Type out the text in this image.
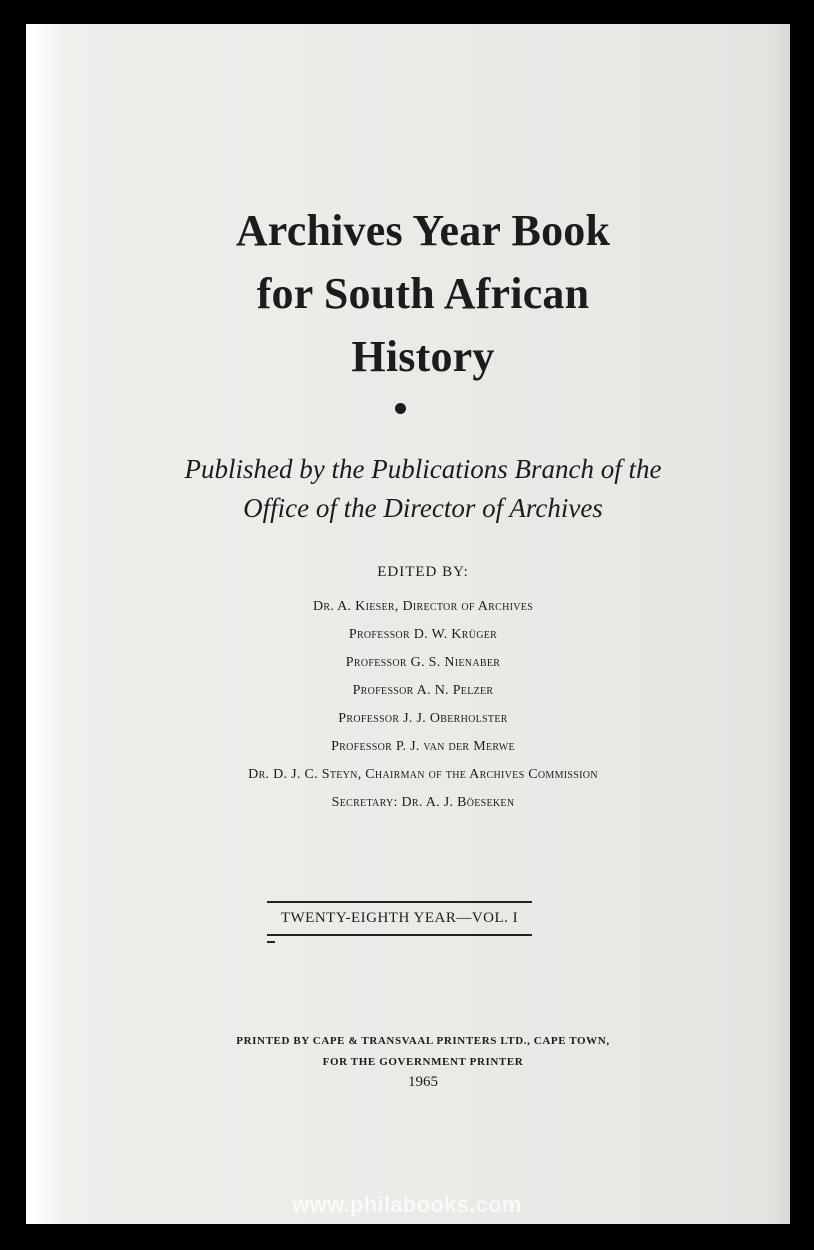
Archives Year Book
for South African
History
Published by the Publications Branch of the
Office of the Director of Archives
EDITED BY:
Dr. A. Kieser, Director of Archives
Professor D. W. Krüger
Professor G. S. Nienaber
Professor A. N. Pelzer
Professor J. J. Oberholster
Professor P. J. van der Merwe
Dr. D. J. C. Steyn, Chairman of the Archives Commission
Secretary: Dr. A. J. Böeseken
TWENTY-EIGHTH YEAR—VOL. I
PRINTED BY CAPE & TRANSVAAL PRINTERS LTD., CAPE TOWN,
FOR THE GOVERNMENT PRINTER
1965
www.philabooks.com
